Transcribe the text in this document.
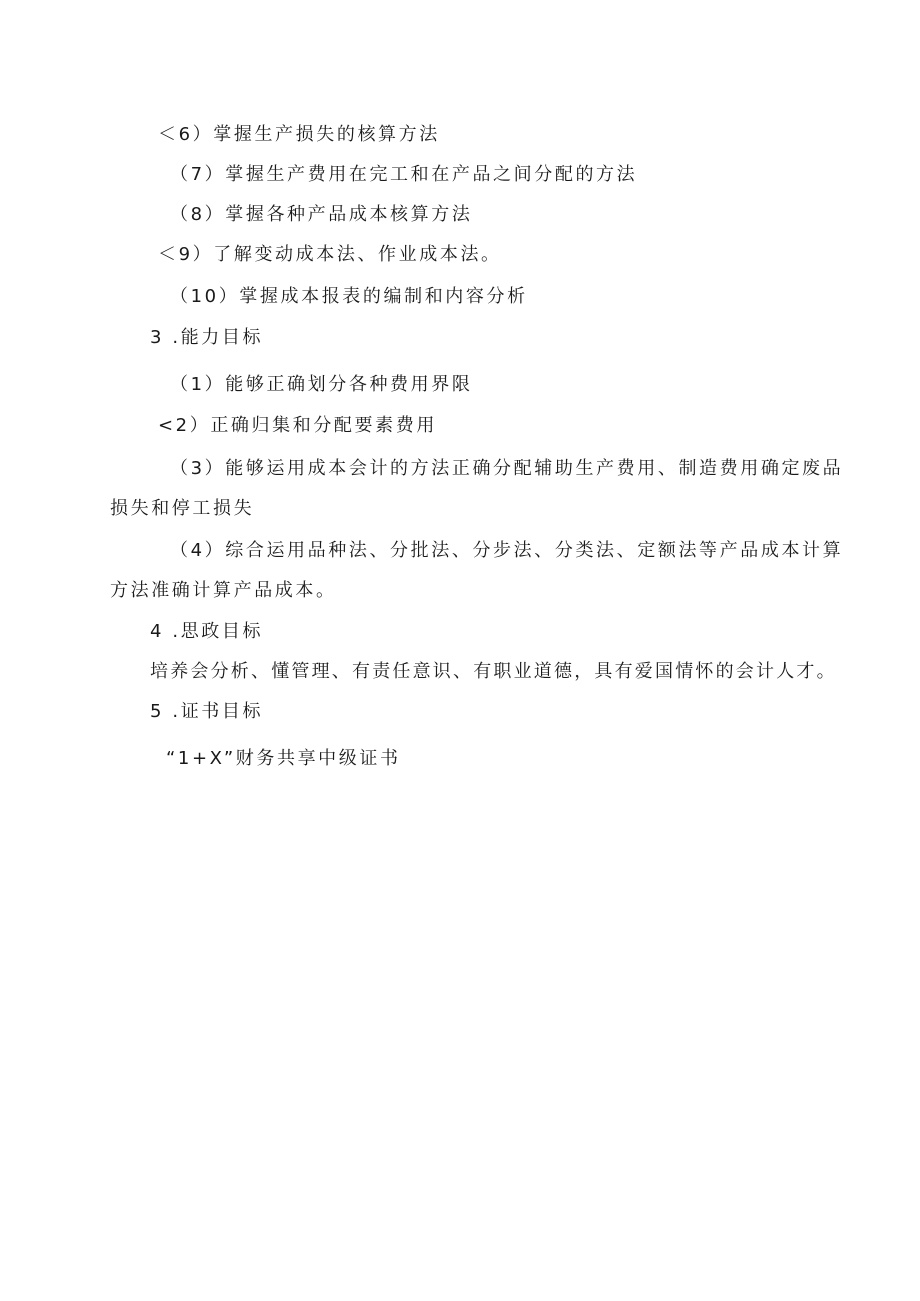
＜6）掌握生产损失的核算方法
（7）掌握生产费用在完工和在产品之间分配的方法
（8）掌握各种产品成本核算方法
＜9）了解变动成本法、作业成本法。
（10）掌握成本报表的编制和内容分析
3 .能力目标
（1）能够正确划分各种费用界限
<2）正确归集和分配要素费用
（3）能够运用成本会计的方法正确分配辅助生产费用、制造费用确定废品
损失和停工损失
（4）综合运用品种法、分批法、分步法、分类法、定额法等产品成本计算
方法准确计算产品成本。
4 .思政目标
培养会分析、懂管理、有责任意识、有职业道德，具有爱国情怀的会计人才。
5 .证书目标
“1+X”财务共享中级证书
